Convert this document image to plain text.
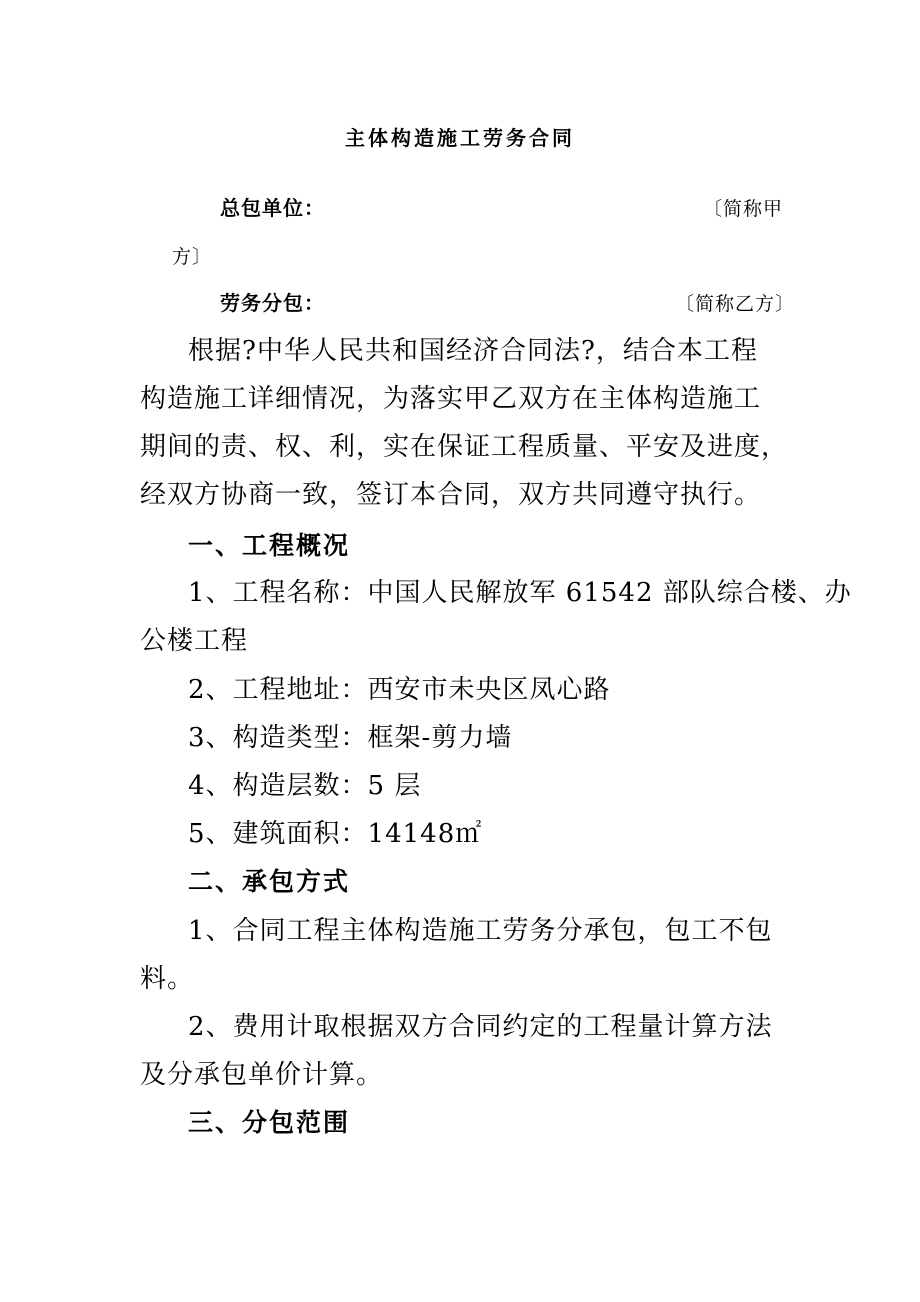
主体构造施工劳务合同
总包单位：	〔简称甲
方〕
劳务分包：	〔简称乙方〕
根据?中华人民共和国经济合同法?，结合本工程
构造施工详细情况，为落实甲乙双方在主体构造施工
期间的责、权、利，实在保证工程质量、平安及进度，
经双方协商一致，签订本合同，双方共同遵守执行。
一、工程概况
1、工程名称：中国人民解放军 61542 部队综合楼、办
公楼工程
2、工程地址：西安市未央区凤心路
3、构造类型：框架-剪力墙
4、构造层数：5 层
5、建筑面积：14148㎡
二、承包方式
1、合同工程主体构造施工劳务分承包，包工不包
料。
2、费用计取根据双方合同约定的工程量计算方法
及分承包单价计算。
三、分包范围
